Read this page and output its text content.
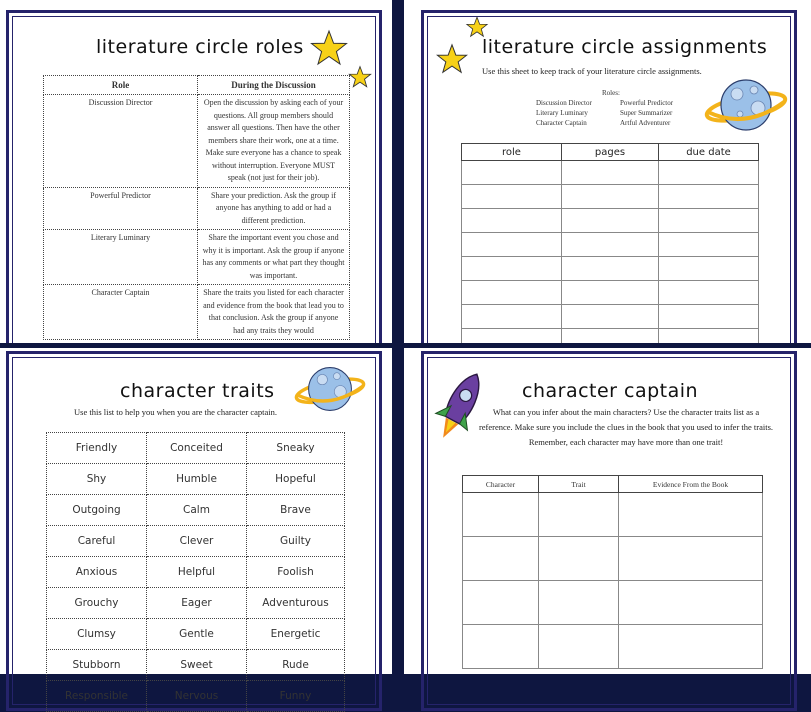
literature circle roles
Role	During the Discussion
Discussion Director	Open the discussion by asking each of your questions. All group members should answer all questions. Then have the other members share their work, one at a time. Make sure everyone has a chance to speak without interruption. Everyone MUST speak (not just for their job).
Powerful Predictor	Share your prediction. Ask the group if anyone has anything to add or had a different prediction.
Literary Luminary	Share the important event you chose and why it is important. Ask the group if anyone has any comments or what part they thought was important.
Character Captain	Share the traits you listed for each character and evidence from the book that lead you to that conclusion. Ask the group if anyone had any traits they would
literature circle assignments
Use this sheet to keep track of your literature circle assignments.
Roles:
Discussion Director
Literary Luminary
Character Captain
Powerful Predictor
Super Summarizer
Artful Adventurer
role	pages	due date

character traits
Use this list to help you when you are the character captain.
Friendly	Conceited	Sneaky
Shy	Humble	Hopeful
Outgoing	Calm	Brave
Careful	Clever	Guilty
Anxious	Helpful	Foolish
Grouchy	Eager	Adventurous
Clumsy	Gentle	Energetic
Stubborn	Sweet	Rude
Responsible	Nervous	Funny
character captain
What can you infer about the main characters? Use the character traits list as a reference. Make sure you include the clues in the book that you used to infer the traits. Remember, each character may have more than one trait!
Character	Trait	Evidence From the Book
